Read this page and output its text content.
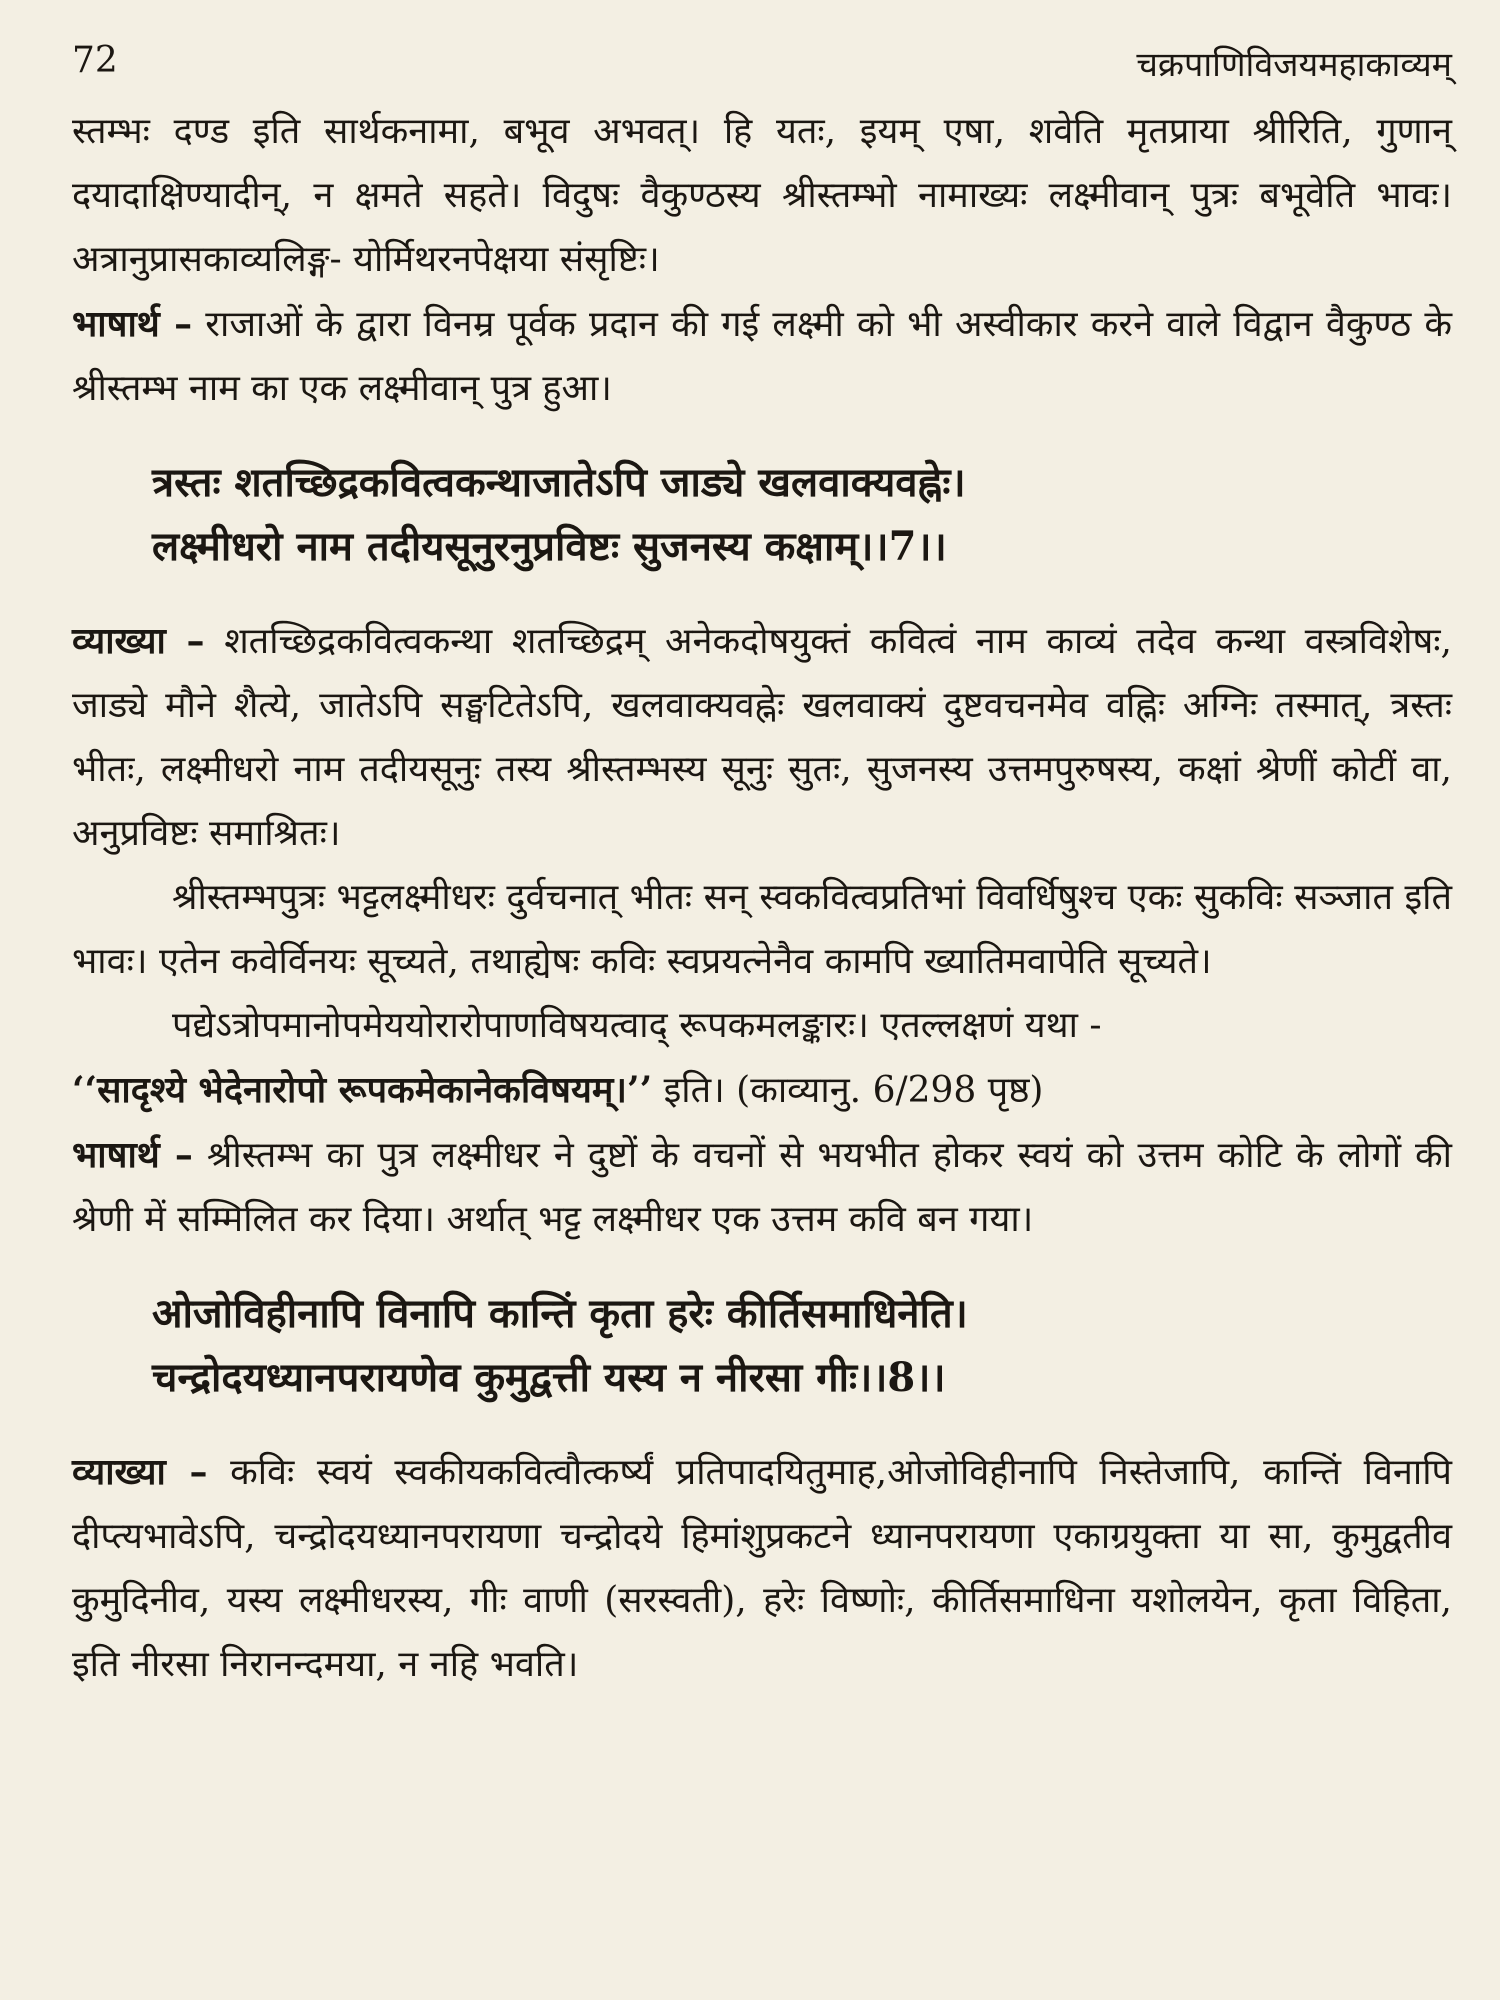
72	चक्रपाणिविजयमहाकाव्यम्

स्तम्भः दण्ड इति सार्थकनामा, बभूव अभवत्। हि यतः, इयम् एषा, शवेति मृतप्राया श्रीरिति, गुणान् दयादाक्षिण्यादीन्, न क्षमते सहते। विदुषः वैकुण्ठस्य श्रीस्तम्भो नामाख्यः लक्ष्मीवान् पुत्रः बभूवेति भावः। अत्रानुप्रासकाव्यलिङ्ग- योर्मिथरनपेक्षया संसृष्टिः।

भाषार्थ – राजाओं के द्वारा विनम्र पूर्वक प्रदान की गई लक्ष्मी को भी अस्वीकार करने वाले विद्वान वैकुण्ठ के श्रीस्तम्भ नाम का एक लक्ष्मीवान् पुत्र हुआ।

त्रस्तः शतच्छिद्रकवित्वकन्थाजातेऽपि जाड्ये खलवाक्यवह्नेः।
लक्ष्मीधरो नाम तदीयसूनुरनुप्रविष्टः सुजनस्य कक्षाम्।।7।।

व्याख्या – शतच्छिद्रकवित्वकन्था शतच्छिद्रम् अनेकदोषयुक्तं कवित्वं नाम काव्यं तदेव कन्था वस्त्रविशेषः, जाड्ये मौने शैत्ये, जातेऽपि सङ्घटितेऽपि, खलवाक्यवह्नेः खलवाक्यं दुष्टवचनमेव वह्निः अग्निः तस्मात्, त्रस्तः भीतः, लक्ष्मीधरो नाम तदीयसूनुः तस्य श्रीस्तम्भस्य सूनुः सुतः, सुजनस्य उत्तमपुरुषस्य, कक्षां श्रेणीं कोटीं वा, अनुप्रविष्टः समाश्रितः।

श्रीस्तम्भपुत्रः भट्टलक्ष्मीधरः दुर्वचनात् भीतः सन् स्वकवित्वप्रतिभां विवर्धिषुश्च एकः सुकविः सञ्जात इति भावः। एतेन कवेर्विनयः सूच्यते, तथाह्येषः कविः स्वप्रयत्नेनैव कामपि ख्यातिमवापेति सूच्यते।

पद्येऽत्रोपमानोपमेययोरारोपाणविषयत्वाद् रूपकमलङ्कारः। एतल्लक्षणं यथा -

‘‘सादृश्ये भेदेनारोपो रूपकमेकानेकविषयम्।’’ इति। (काव्यानु. 6/298 पृष्ठ)

भाषार्थ – श्रीस्तम्भ का पुत्र लक्ष्मीधर ने दुष्टों के वचनों से भयभीत होकर स्वयं को उत्तम कोटि के लोगों की श्रेणी में सम्मिलित कर दिया। अर्थात् भट्ट लक्ष्मीधर एक उत्तम कवि बन गया।

ओजोविहीनापि विनापि कान्तिं कृता हरेः कीर्तिसमाधिनेति।
चन्द्रोदयध्यानपरायणेव कुमुद्वत्ती यस्य न नीरसा गीः।।8।।

व्याख्या – कविः स्वयं स्वकीयकवित्वौत्कर्ष्यं प्रतिपादयितुमाह,ओजोविहीनापि निस्तेजापि, कान्तिं विनापि दीप्त्यभावेऽपि, चन्द्रोदयध्यानपरायणा चन्द्रोदये हिमांशुप्रकटने ध्यानपरायणा एकाग्रयुक्ता या सा, कुमुद्वतीव कुमुदिनीव, यस्य लक्ष्मीधरस्य, गीः वाणी (सरस्वती), हरेः विष्णोः, कीर्तिसमाधिना यशोलयेन, कृता विहिता, इति नीरसा निरानन्दमया, न नहि भवति।
